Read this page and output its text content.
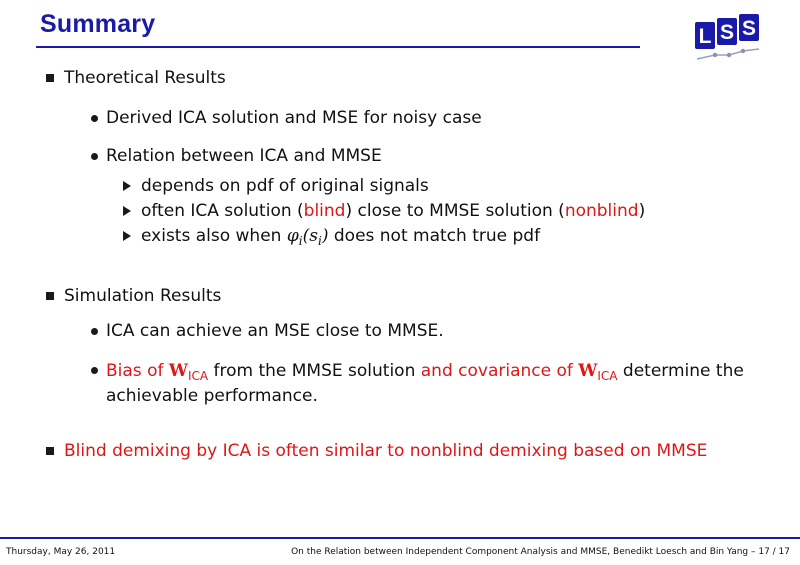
Summary	L S S
Theoretical Results
Derived ICA solution and MSE for noisy case
Relation between ICA and MMSE
depends on pdf of original signals
often ICA solution (blind) close to MMSE solution (nonblind)
exists also when $\varphi_i(s_i)$ does not match true pdf
Simulation Results
ICA can achieve an MSE close to MMSE.
Bias of $W_{ICA}$ from the MMSE solution and covariance of $W_{ICA}$ determine the achievable performance.
Blind demixing by ICA is often similar to nonblind demixing based on MMSE
Thursday, May 26, 2011	On the Relation between Independent Component Analysis and MMSE, Benedikt Loesch and Bin Yang – 17 / 17
